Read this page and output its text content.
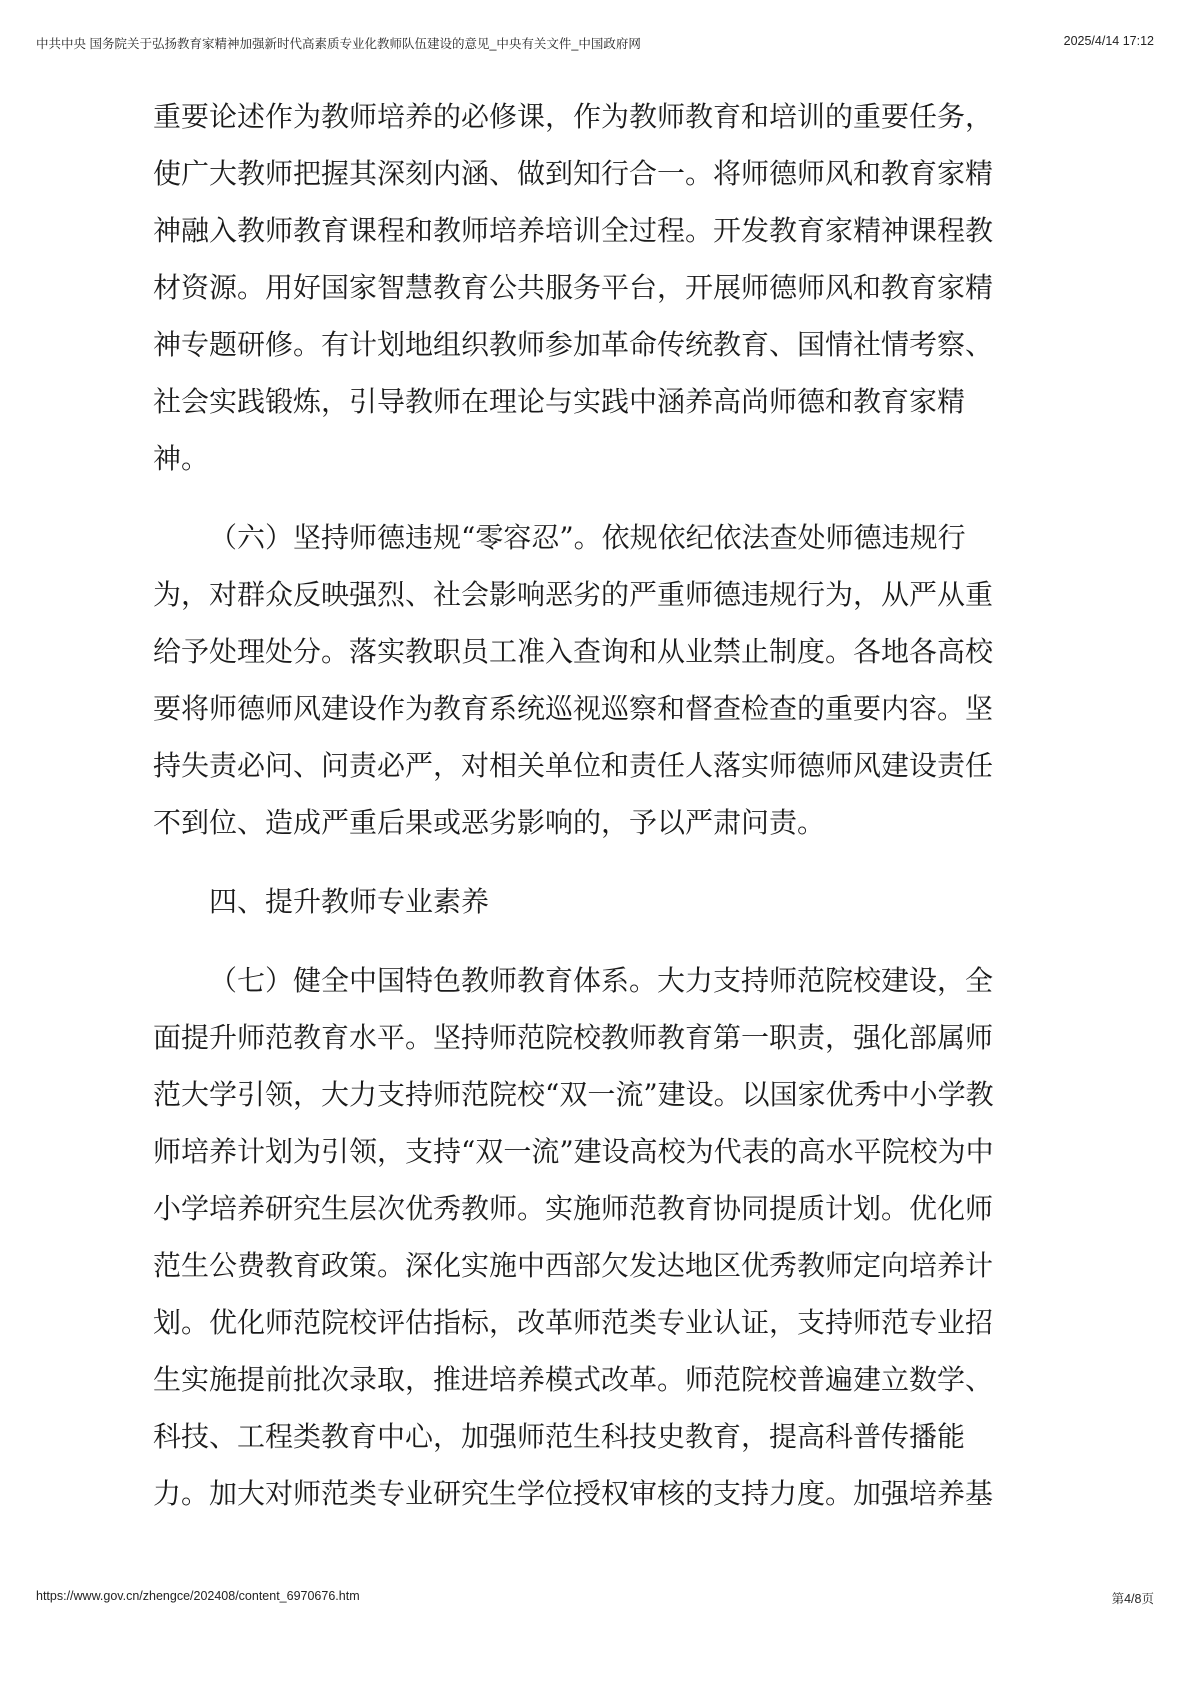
中共中央 国务院关于弘扬教育家精神加强新时代高素质专业化教师队伍建设的意见_中央有关文件_中国政府网	2025/4/14 17:12
重要论述作为教师培养的必修课，作为教师教育和培训的重要任务，
使广大教师把握其深刻内涵、做到知行合一。将师德师风和教育家精
神融入教师教育课程和教师培养培训全过程。开发教育家精神课程教
材资源。用好国家智慧教育公共服务平台，开展师德师风和教育家精
神专题研修。有计划地组织教师参加革命传统教育、国情社情考察、
社会实践锻炼，引导教师在理论与实践中涵养高尚师德和教育家精
神。
（六）坚持师德违规“零容忍”。依规依纪依法查处师德违规行
为，对群众反映强烈、社会影响恶劣的严重师德违规行为，从严从重
给予处理处分。落实教职员工准入查询和从业禁止制度。各地各高校
要将师德师风建设作为教育系统巡视巡察和督查检查的重要内容。坚
持失责必问、问责必严，对相关单位和责任人落实师德师风建设责任
不到位、造成严重后果或恶劣影响的，予以严肃问责。
四、提升教师专业素养
（七）健全中国特色教师教育体系。大力支持师范院校建设，全
面提升师范教育水平。坚持师范院校教师教育第一职责，强化部属师
范大学引领，大力支持师范院校“双一流”建设。以国家优秀中小学教
师培养计划为引领，支持“双一流”建设高校为代表的高水平院校为中
小学培养研究生层次优秀教师。实施师范教育协同提质计划。优化师
范生公费教育政策。深化实施中西部欠发达地区优秀教师定向培养计
划。优化师范院校评估指标，改革师范类专业认证，支持师范专业招
生实施提前批次录取，推进培养模式改革。师范院校普遍建立数学、
科技、工程类教育中心，加强师范生科技史教育，提高科普传播能
力。加大对师范类专业研究生学位授权审核的支持力度。加强培养基
https://www.gov.cn/zhengce/202408/content_6970676.htm	第4/8页
